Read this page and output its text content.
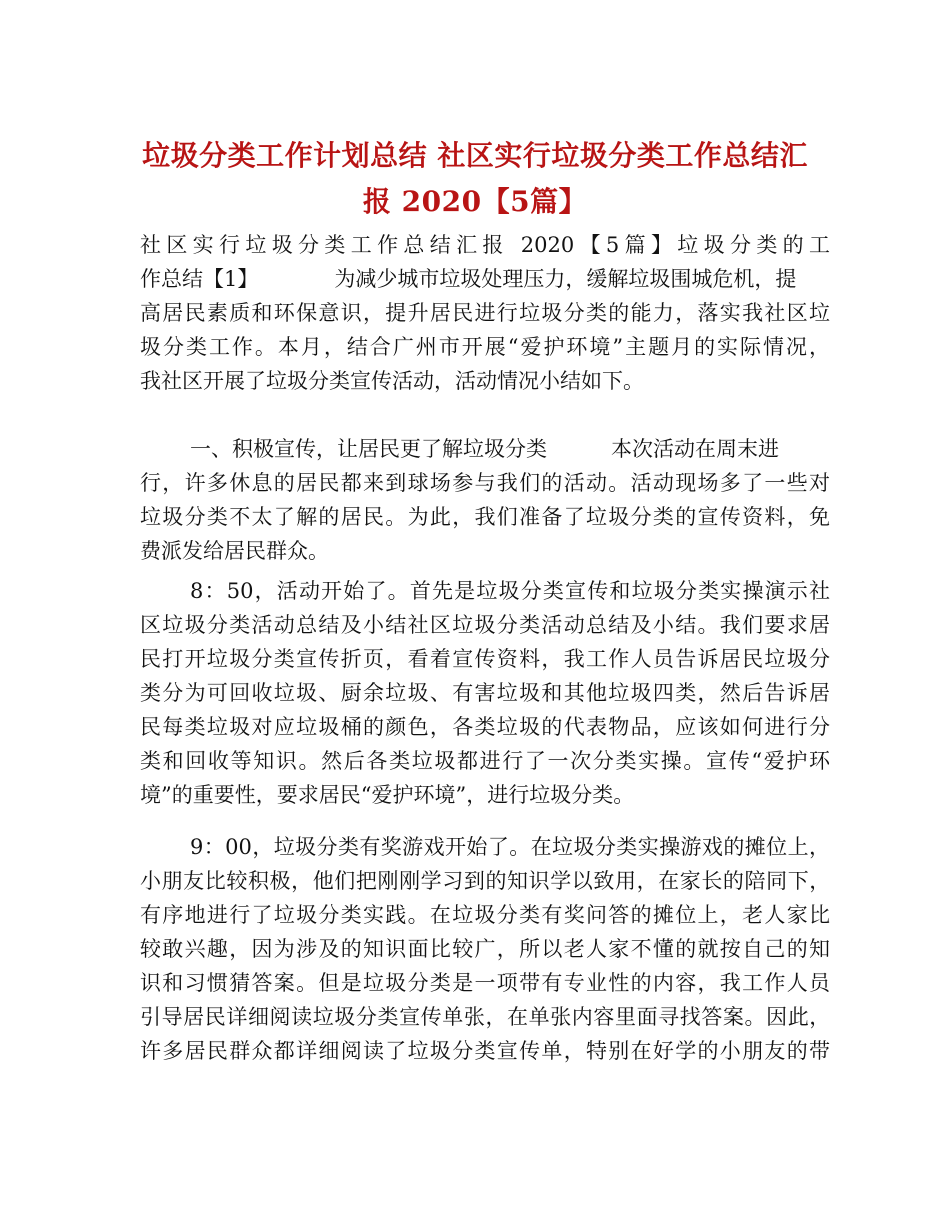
垃圾分类工作计划总结 社区实行垃圾分类工作总结汇
报 2020【5篇】
社区实行垃圾分类工作总结汇报 2020【5篇】垃圾分类的工
作总结【1】	为减少城市垃圾处理压力，缓解垃圾围城危机，提
高居民素质和环保意识，提升居民进行垃圾分类的能力，落实我社区垃
圾分类工作。本月，结合广州市开展“爱护环境”主题月的实际情况，
我社区开展了垃圾分类宣传活动，活动情况小结如下。
一、积极宣传，让居民更了解垃圾分类	本次活动在周末进
行，许多休息的居民都来到球场参与我们的活动。活动现场多了一些对
垃圾分类不太了解的居民。为此，我们准备了垃圾分类的宣传资料，免
费派发给居民群众。
8：50，活动开始了。首先是垃圾分类宣传和垃圾分类实操演示社
区垃圾分类活动总结及小结社区垃圾分类活动总结及小结。我们要求居
民打开垃圾分类宣传折页，看着宣传资料，我工作人员告诉居民垃圾分
类分为可回收垃圾、厨余垃圾、有害垃圾和其他垃圾四类，然后告诉居
民每类垃圾对应垃圾桶的颜色，各类垃圾的代表物品，应该如何进行分
类和回收等知识。然后各类垃圾都进行了一次分类实操。宣传“爱护环
境”的重要性，要求居民“爱护环境”，进行垃圾分类。
9：00，垃圾分类有奖游戏开始了。在垃圾分类实操游戏的摊位上，
小朋友比较积极，他们把刚刚学习到的知识学以致用，在家长的陪同下，
有序地进行了垃圾分类实践。在垃圾分类有奖问答的摊位上，老人家比
较敢兴趣，因为涉及的知识面比较广，所以老人家不懂的就按自己的知
识和习惯猜答案。但是垃圾分类是一项带有专业性的内容，我工作人员
引导居民详细阅读垃圾分类宣传单张，在单张内容里面寻找答案。因此，
许多居民群众都详细阅读了垃圾分类宣传单，特别在好学的小朋友的带
